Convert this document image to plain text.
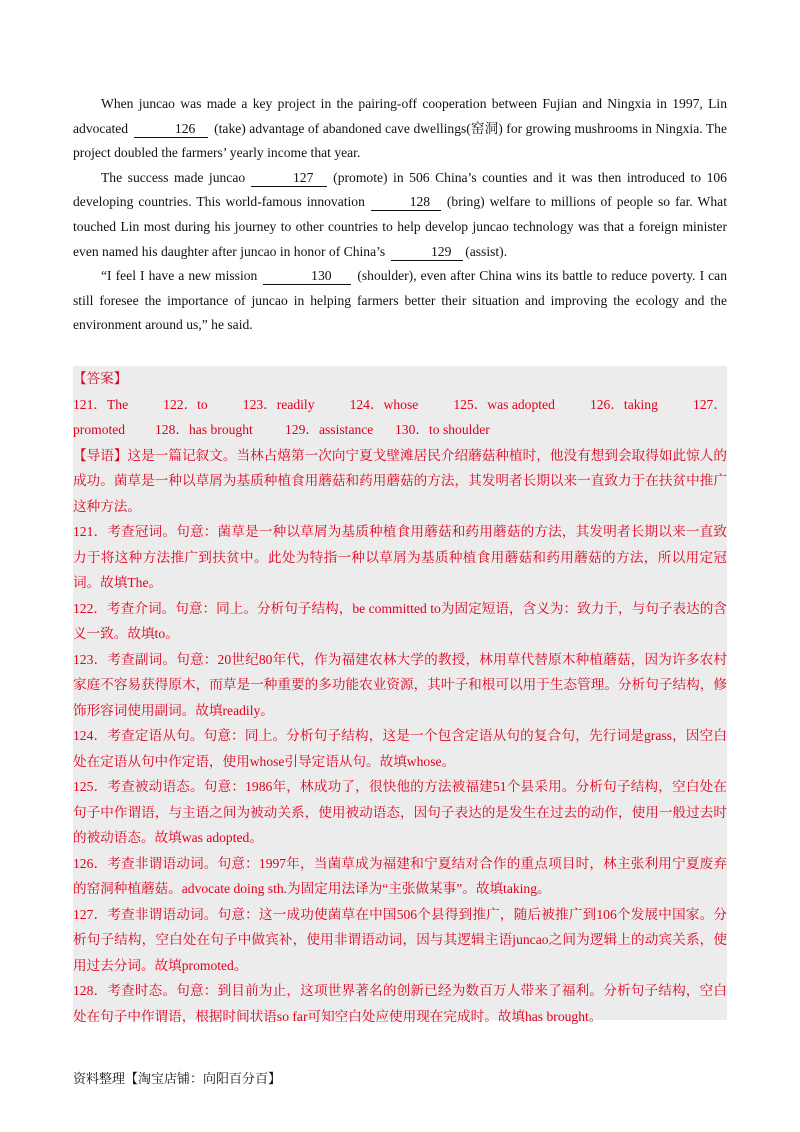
When juncao was made a key project in the pairing-off cooperation between Fujian and Ningxia in 1997, Lin advocated	126 (take) advantage of abandoned cave dwellings(窑洞) for growing mushrooms in Ningxia. The project doubled the farmers’ yearly income that year.

The success made juncao	127 (promote) in 506 China’s counties and it was then introduced to 106 developing countries. This world-famous innovation	128 (bring) welfare to millions of people so far. What touched Lin most during his journey to other countries to help develop juncao technology was that a foreign minister even named his daughter after juncao in honor of China’s	129 (assist).

“I feel I have a new mission	130 (shoulder), even after China wins its battle to reduce poverty. I can still foresee the importance of juncao in helping farmers better their situation and improving the ecology and the environment around us,” he said.

【答案】

121．The	122．to	123．readily	124．whose	125．was adopted	126．taking	127．
promoted	128．has brought	129．assistance	130．to shoulder

【导语】这是一篇记叙文。当林占熺第一次向宁夏戈壁滩居民介绍蘑菇种植时，他没有想到会取得如此惊人的成功。菌草是一种以草屑为基质种植食用蘑菇和药用蘑菇的方法，其发明者长期以来一直致力于在扶贫中推广这种方法。

121．考查冠词。句意：菌草是一种以草屑为基质种植食用蘑菇和药用蘑菇的方法，其发明者长期以来一直致力于将这种方法推广到扶贫中。此处为特指一种以草屑为基质种植食用蘑菇和药用蘑菇的方法，所以用定冠词。故填The。

122．考查介词。句意：同上。分析句子结构，be committed to为固定短语，含义为：致力于，与句子表达的含义一致。故填to。

123．考查副词。句意：20世纪80年代，作为福建农林大学的教授，林用草代替原木种植蘑菇，因为许多农村家庭不容易获得原木，而草是一种重要的多功能农业资源，其叶子和根可以用于生态管理。分析句子结构，修饰形容词使用副词。故填readily。

124．考查定语从句。句意：同上。分析句子结构，这是一个包含定语从句的复合句，先行词是grass，因空白处在定语从句中作定语，使用whose引导定语从句。故填whose。

125．考查被动语态。句意：1986年，林成功了，很快他的方法被福建51个县采用。分析句子结构，空白处在句子中作谓语，与主语之间为被动关系，使用被动语态，因句子表达的是发生在过去的动作，使用一般过去时的被动语态。故填was adopted。

126．考查非谓语动词。句意：1997年，当菌草成为福建和宁夏结对合作的重点项目时，林主张利用宁夏废弃的窑洞种植蘑菇。advocate doing sth.为固定用法译为“主张做某事”。故填taking。

127．考查非谓语动词。句意：这一成功使菌草在中国506个县得到推广，随后被推广到106个发展中国家。分析句子结构，空白处在句子中做宾补，使用非谓语动词，因与其逻辑主语juncao之间为逻辑上的动宾关系，使用过去分词。故填promoted。

128．考查时态。句意：到目前为止，这项世界著名的创新已经为数百万人带来了福利。分析句子结构，空白处在句子中作谓语，根据时间状语so far可知空白处应使用现在完成时。故填has brought。

资料整理【淘宝店铺：向阳百分百】
